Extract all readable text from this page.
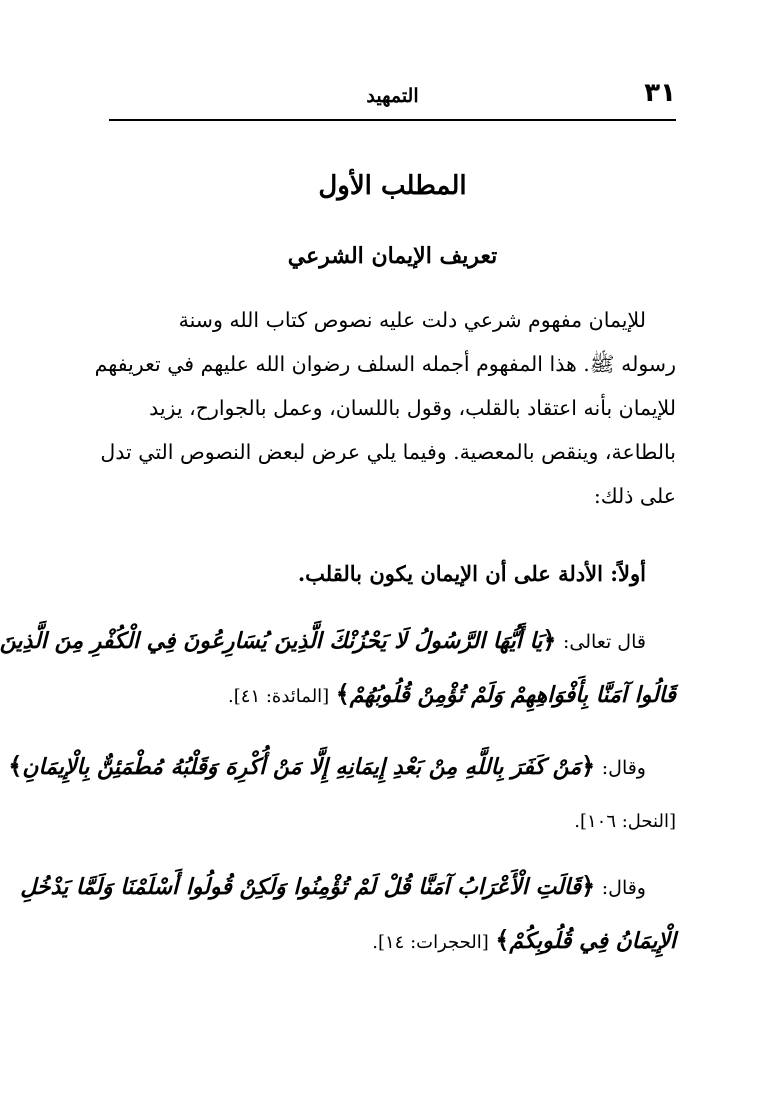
٣١
التمهيد
المطلب الأول
تعريف الإيمان الشرعي
للإيمان مفهوم شرعي دلت عليه نصوص كتاب الله وسنة
رسوله ﷺ. هذا المفهوم أجمله السلف رضوان الله عليهم في تعريفهم
للإيمان بأنه اعتقاد بالقلب، وقول باللسان، وعمل بالجوارح، يزيد
بالطاعة، وينقص بالمعصية. وفيما يلي عرض لبعض النصوص التي تدل
على ذلك:
أولاً: الأدلة على أن الإيمان يكون بالقلب.
قال تعالى: ﴿يَا أَيُّهَا الرَّسُولُ لَا يَحْزُنْكَ الَّذِينَ يُسَارِعُونَ فِي الْكُفْرِ مِنَ الَّذِينَ
قَالُوا آمَنَّا بِأَفْوَاهِهِمْ وَلَمْ تُؤْمِنْ قُلُوبُهُمْ﴾ [المائدة: ٤١].
وقال: ﴿مَنْ كَفَرَ بِاللَّهِ مِنْ بَعْدِ إِيمَانِهِ إِلَّا مَنْ أُكْرِهَ وَقَلْبُهُ مُطْمَئِنٌّ بِالْإِيمَانِ﴾
[النحل: ١٠٦].
وقال: ﴿قَالَتِ الْأَعْرَابُ آمَنَّا قُلْ لَمْ تُؤْمِنُوا وَلَكِنْ قُولُوا أَسْلَمْنَا وَلَمَّا يَدْخُلِ
الْإِيمَانُ فِي قُلُوبِكُمْ﴾ [الحجرات: ١٤].
